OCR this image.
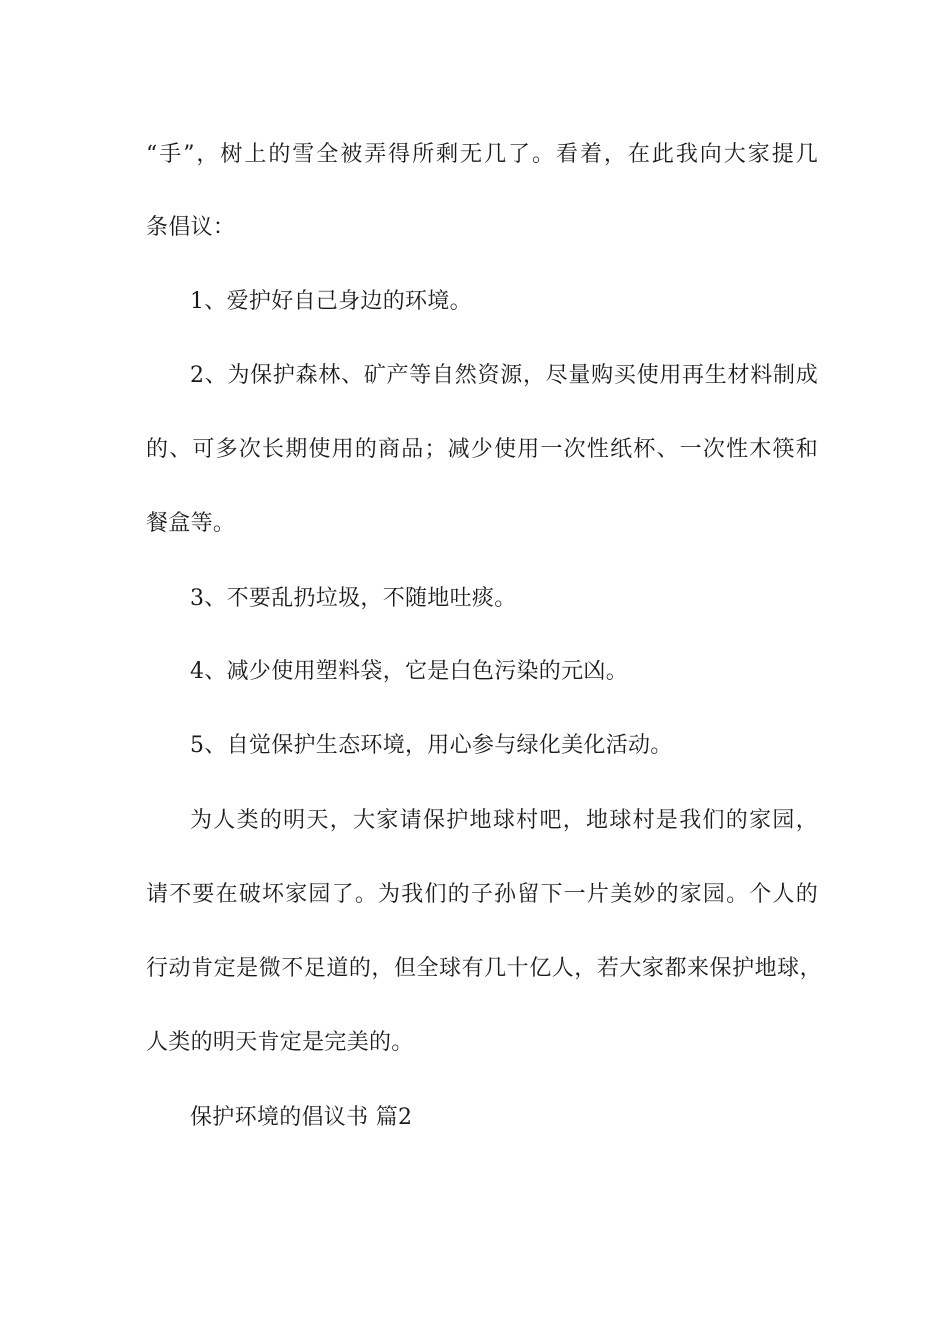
“手”，树上的雪全被弄得所剩无几了。看着，在此我向大家提几
条倡议：
1、爱护好自己身边的环境。
2、为保护森林、矿产等自然资源，尽量购买使用再生材料制成
的、可多次长期使用的商品；减少使用一次性纸杯、一次性木筷和
餐盒等。
3、不要乱扔垃圾，不随地吐痰。
4、减少使用塑料袋，它是白色污染的元凶。
5、自觉保护生态环境，用心参与绿化美化活动。
为人类的明天，大家请保护地球村吧，地球村是我们的家园，
请不要在破坏家园了。为我们的子孙留下一片美妙的家园。个人的
行动肯定是微不足道的，但全球有几十亿人，若大家都来保护地球，
人类的明天肯定是完美的。
保护环境的倡议书 篇2
